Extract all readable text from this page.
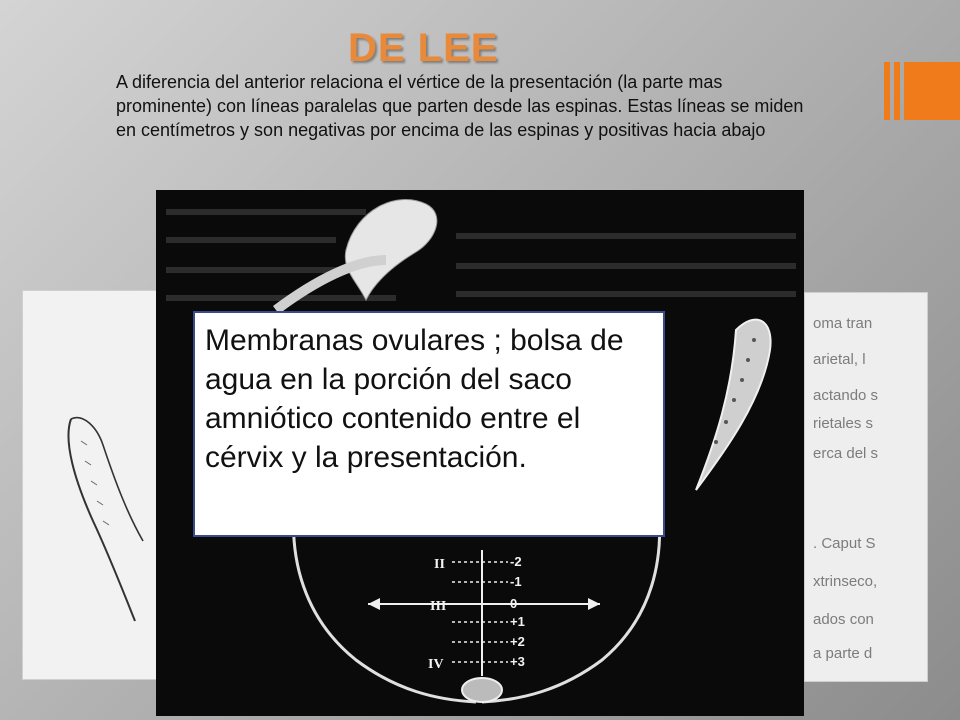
DE LEE
A diferencia del anterior relaciona el vértice de la presentación (la parte mas prominente) con líneas paralelas que parten desde las espinas. Estas líneas se miden en centímetros y son negativas por encima de las espinas y positivas hacia abajo
oma tran
arietal, l
actando s
rietales s
erca del s
. Caput S
xtrinseco,
ados con
a parte d
-2
-1
0
+1
+2
+3
II
III
IV
Membranas ovulares ; bolsa de agua en la porción del saco amniótico contenido entre el cérvix y la presentación.
